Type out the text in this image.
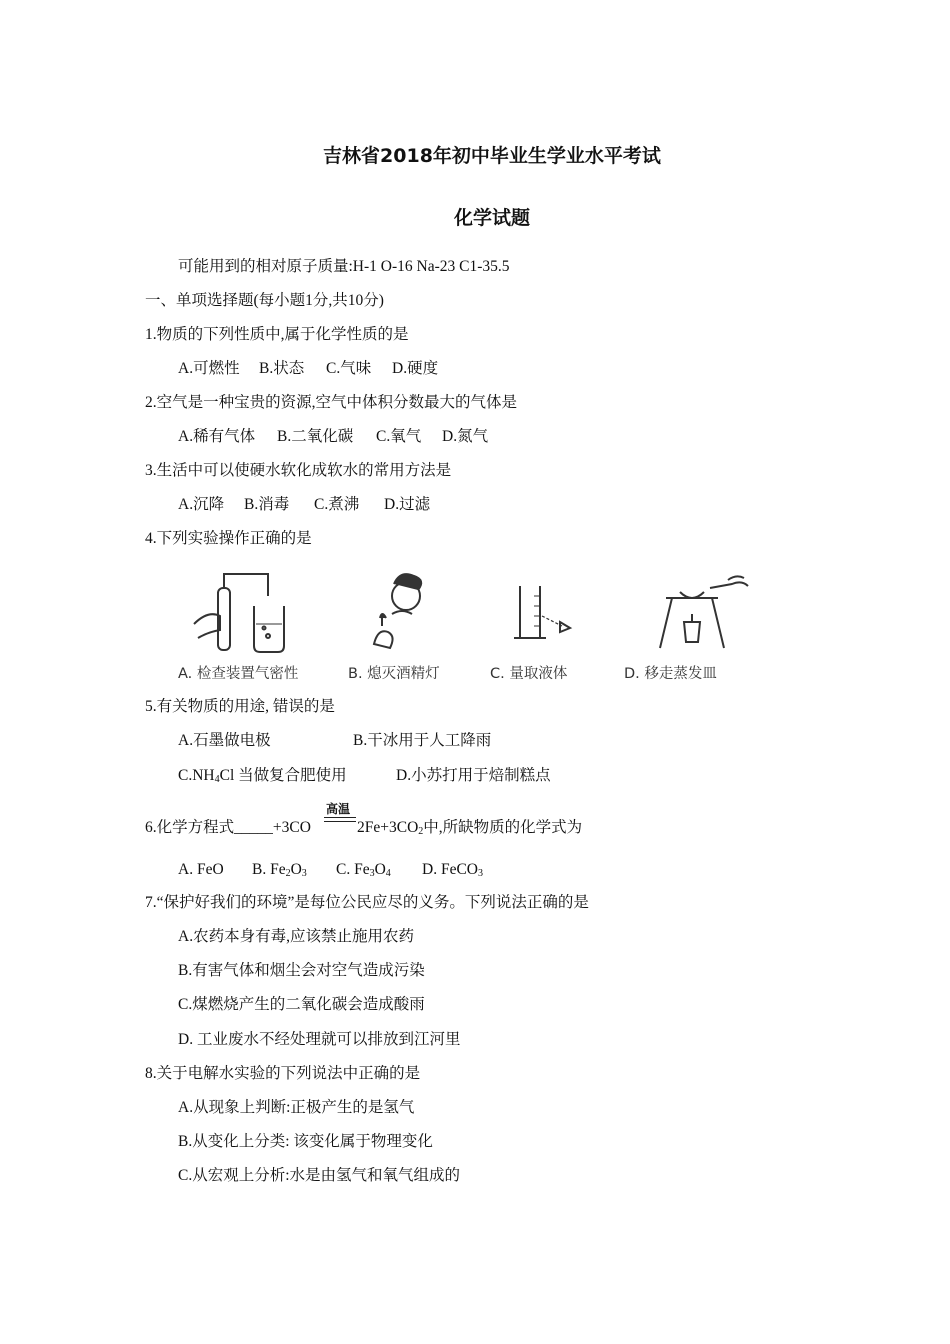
吉林省2018年初中毕业生学业水平考试
化学试题
可能用到的相对原子质量:H-1 O-16 Na-23 C1-35.5
一、单项选择题(每小题1分,共10分)
1.物质的下列性质中,属于化学性质的是
A.可燃性 B.状态 C.气味 D.硬度
2.空气是一种宝贵的资源,空气中体积分数最大的气体是
A.稀有气体 B.二氧化碳 C.氧气 D.氮气
3.生活中可以使硬水软化成软水的常用方法是
A.沉降 B.消毒 C.煮沸 D.过滤
4.下列实验操作正确的是
A. 检查装置气密性	B. 熄灭酒精灯	C. 量取液体	D. 移走蒸发皿
5.有关物质的用途, 错误的是
A.石墨做电极	B.干冰用于人工降雨
$C.NH_4Cl$ 当做复合肥使用	D.小苏打用于焙制糕点
6.化学方程式_____+3CO
高温
$2Fe+3CO_2$中,所缺物质的化学式为
A. FeO B. $Fe_2O_3$ C. $Fe_3O_4$ D. FeCO$_3$
7.“保护好我们的环境”是每位公民应尽的义务。下列说法正确的是
A.农药本身有毒,应该禁止施用农药
B.有害气体和烟尘会对空气造成污染
C.煤燃烧产生的二氧化碳会造成酸雨
D. 工业废水不经处理就可以排放到江河里
8.关于电解水实验的下列说法中正确的是
A.从现象上判断:正极产生的是氢气
B.从变化上分类: 该变化属于物理变化
C.从宏观上分析:水是由氢气和氧气组成的
